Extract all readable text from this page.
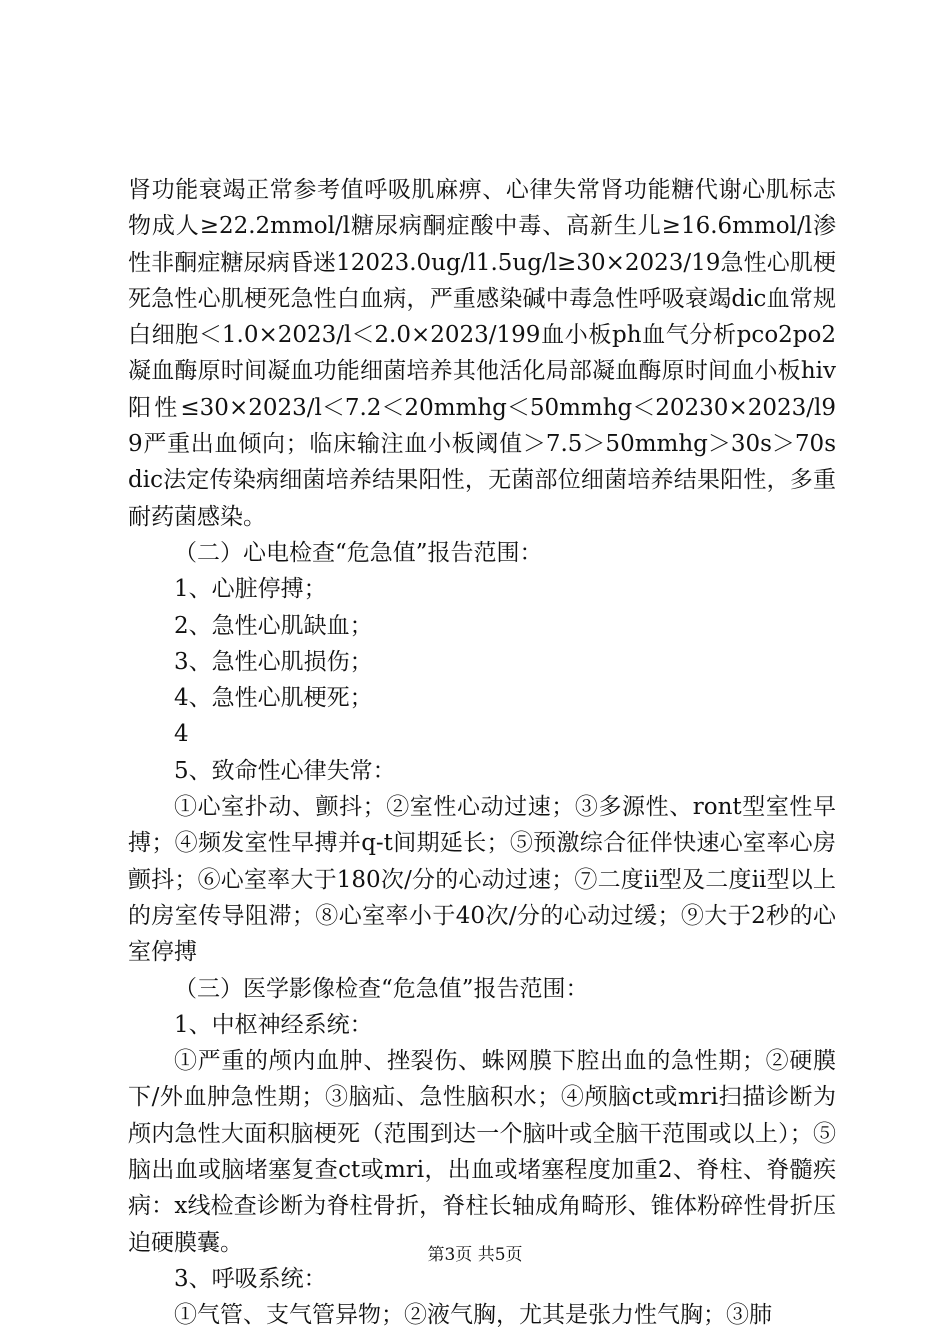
肾功能衰竭正常参考值呼吸肌麻痹、心律失常肾功能糖代谢心肌标志物成人≥22.2mmol/l糖尿病酮症酸中毒、高新生儿≥16.6mmol/l渗性非酮症糖尿病昏迷12023.0ug/l1.5ug/l≥30×2023/19急性心肌梗死急性心肌梗死急性白血病，严重感染碱中毒急性呼吸衰竭dic血常规白细胞＜1.0×2023/l＜2.0×2023/199血小板ph血气分析pco2po2凝血酶原时间凝血功能细菌培养其他活化局部凝血酶原时间血小板hiv阳性≤30×2023/l＜7.2＜20mmhg＜50mmhg＜20230×2023/l99严重出血倾向；临床输注血小板阈值＞7.5＞50mmhg＞30s＞70sdic法定传染病细菌培养结果阳性，无菌部位细菌培养结果阳性，多重耐药菌感染。

（二）心电检查“危急值”报告范围：

1、心脏停搏；

2、急性心肌缺血；

3、急性心肌损伤；

4、急性心肌梗死；

4

5、致命性心律失常：

①心室扑动、颤抖；②室性心动过速；③多源性、ront型室性早搏；④频发室性早搏并q-t间期延长；⑤预激综合征伴快速心室率心房颤抖；⑥心室率大于180次/分的心动过速；⑦二度ii型及二度ii型以上的房室传导阻滞；⑧心室率小于40次/分的心动过缓；⑨大于2秒的心室停搏

（三）医学影像检查“危急值”报告范围：

1、中枢神经系统：

①严重的颅内血肿、挫裂伤、蛛网膜下腔出血的急性期；②硬膜下/外血肿急性期；③脑疝、急性脑积水；④颅脑ct或mri扫描诊断为颅内急性大面积脑梗死（范围到达一个脑叶或全脑干范围或以上）；⑤脑出血或脑堵塞复查ct或mri，出血或堵塞程度加重2、脊柱、脊髓疾病：x线检查诊断为脊柱骨折，脊柱长轴成角畸形、锥体粉碎性骨折压迫硬膜囊。

3、呼吸系统：

①气管、支气管异物；②液气胸，尤其是张力性气胸；③肺

第3页 共5页
